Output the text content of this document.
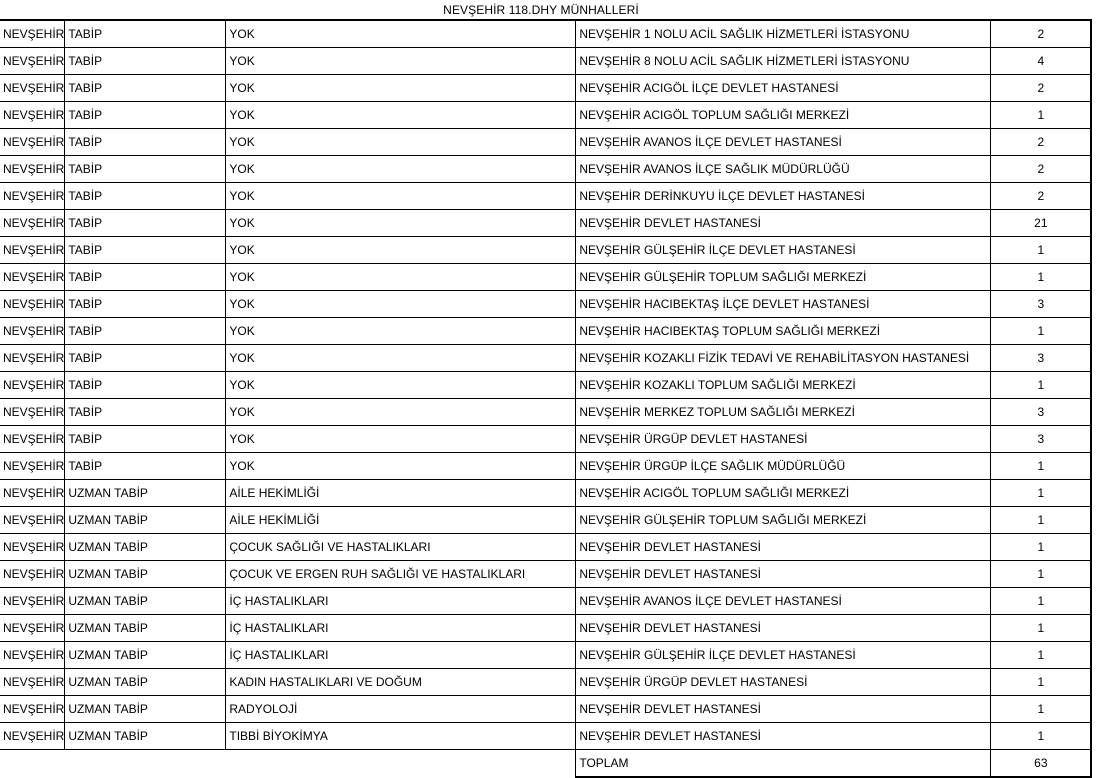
NEVŞEHİR 118.DHY MÜNHALLERİ
NEVŞEHİR	TABİP	YOK	NEVŞEHİR 1 NOLU ACİL SAĞLIK HİZMETLERİ İSTASYONU	2
NEVŞEHİR	TABİP	YOK	NEVŞEHİR 8 NOLU ACİL SAĞLIK HİZMETLERİ İSTASYONU	4
NEVŞEHİR	TABİP	YOK	NEVŞEHİR ACIGÖL İLÇE DEVLET HASTANESİ	2
NEVŞEHİR	TABİP	YOK	NEVŞEHİR ACIGÖL TOPLUM SAĞLIĞI MERKEZİ	1
NEVŞEHİR	TABİP	YOK	NEVŞEHİR AVANOS İLÇE DEVLET HASTANESİ	2
NEVŞEHİR	TABİP	YOK	NEVŞEHİR AVANOS İLÇE SAĞLIK MÜDÜRLÜĞÜ	2
NEVŞEHİR	TABİP	YOK	NEVŞEHİR DERİNKUYU İLÇE DEVLET HASTANESİ	2
NEVŞEHİR	TABİP	YOK	NEVŞEHİR DEVLET HASTANESİ	21
NEVŞEHİR	TABİP	YOK	NEVŞEHİR GÜLŞEHİR İLÇE DEVLET HASTANESİ	1
NEVŞEHİR	TABİP	YOK	NEVŞEHİR GÜLŞEHİR TOPLUM SAĞLIĞI MERKEZİ	1
NEVŞEHİR	TABİP	YOK	NEVŞEHİR HACIBEKTAŞ İLÇE DEVLET HASTANESİ	3
NEVŞEHİR	TABİP	YOK	NEVŞEHİR HACIBEKTAŞ TOPLUM SAĞLIĞI MERKEZİ	1
NEVŞEHİR	TABİP	YOK	NEVŞEHİR KOZAKLI FİZİK TEDAVİ VE REHABİLİTASYON HASTANESİ	3
NEVŞEHİR	TABİP	YOK	NEVŞEHİR KOZAKLI TOPLUM SAĞLIĞI MERKEZİ	1
NEVŞEHİR	TABİP	YOK	NEVŞEHİR MERKEZ TOPLUM SAĞLIĞI MERKEZİ	3
NEVŞEHİR	TABİP	YOK	NEVŞEHİR ÜRGÜP DEVLET HASTANESİ	3
NEVŞEHİR	TABİP	YOK	NEVŞEHİR ÜRGÜP İLÇE SAĞLIK MÜDÜRLÜĞÜ	1
NEVŞEHİR	UZMAN TABİP	AİLE HEKİMLİĞİ	NEVŞEHİR ACIGÖL TOPLUM SAĞLIĞI MERKEZİ	1
NEVŞEHİR	UZMAN TABİP	AİLE HEKİMLİĞİ	NEVŞEHİR GÜLŞEHİR TOPLUM SAĞLIĞI MERKEZİ	1
NEVŞEHİR	UZMAN TABİP	ÇOCUK SAĞLIĞI VE HASTALIKLARI	NEVŞEHİR DEVLET HASTANESİ	1
NEVŞEHİR	UZMAN TABİP	ÇOCUK VE ERGEN RUH SAĞLIĞI VE HASTALIKLARI	NEVŞEHİR DEVLET HASTANESİ	1
NEVŞEHİR	UZMAN TABİP	İÇ HASTALIKLARI	NEVŞEHİR AVANOS İLÇE DEVLET HASTANESİ	1
NEVŞEHİR	UZMAN TABİP	İÇ HASTALIKLARI	NEVŞEHİR DEVLET HASTANESİ	1
NEVŞEHİR	UZMAN TABİP	İÇ HASTALIKLARI	NEVŞEHİR GÜLŞEHİR İLÇE DEVLET HASTANESİ	1
NEVŞEHİR	UZMAN TABİP	KADIN HASTALIKLARI VE DOĞUM	NEVŞEHİR ÜRGÜP DEVLET HASTANESİ	1
NEVŞEHİR	UZMAN TABİP	RADYOLOJİ	NEVŞEHİR DEVLET HASTANESİ	1
NEVŞEHİR	UZMAN TABİP	TIBBİ BİYOKİMYA	NEVŞEHİR DEVLET HASTANESİ	1
			TOPLAM	63
